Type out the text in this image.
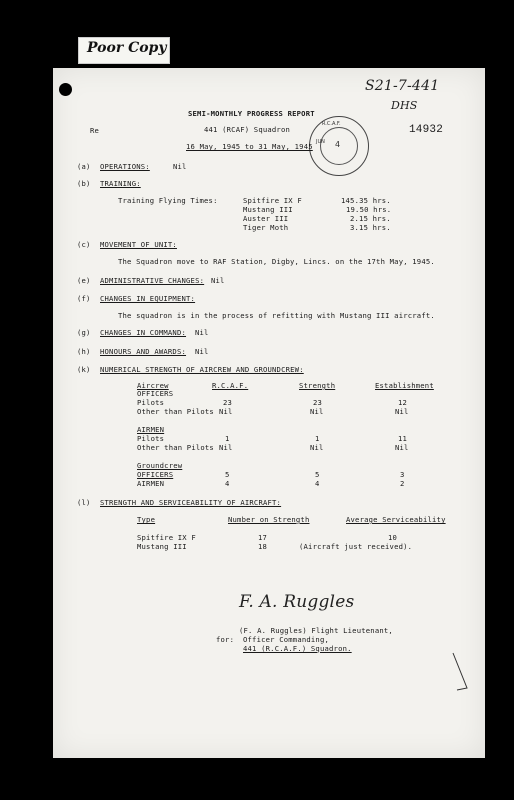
Poor Copy
S21-7-441
DHS
14932
R.C.A.F.
4
JUN
SEMI-MONTHLY PROGRESS REPORT
Re	441 (RCAF) Squadron
16 May, 1945 to 31 May, 1945
(a) OPERATIONS:	Nil
(b) TRAINING:
Training Flying Times:	Spitfire IX F	145.35 hrs.
Mustang III	19.50 hrs.
Auster III	2.15 hrs.
Tiger Moth	3.15 hrs.
(c) MOVEMENT OF UNIT:
The Squadron move to RAF Station, Digby, Lincs. on the 17th May, 1945.
(e) ADMINISTRATIVE CHANGES: Nil
(f) CHANGES IN EQUIPMENT:
The squadron is in the process of refitting with Mustang III aircraft.
(g) CHANGES IN COMMAND: Nil
(h) HONOURS AND AWARDS: Nil
(k) NUMERICAL STRENGTH OF AIRCREW AND GROUNDCREW:
Aircrew	R.C.A.F.	Strength	Establishment
OFFICERS
Pilots	23	23	12
Other than Pilots Nil	Nil	Nil
AIRMEN
Pilots	1	1	11
Other than Pilots Nil	Nil	Nil
Groundcrew
OFFICERS	5	5	3
AIRMEN	4	4	2
(l) STRENGTH AND SERVICEABILITY OF AIRCRAFT:
Type	Number on Strength	Average Serviceability
Spitfire IX F	17	10
Mustang III	18	(Aircraft just received).
F. A. Ruggles
(F. A. Ruggles) Flight Lieutenant,
for: Officer Commanding,
441 (R.C.A.F.) Squadron.
